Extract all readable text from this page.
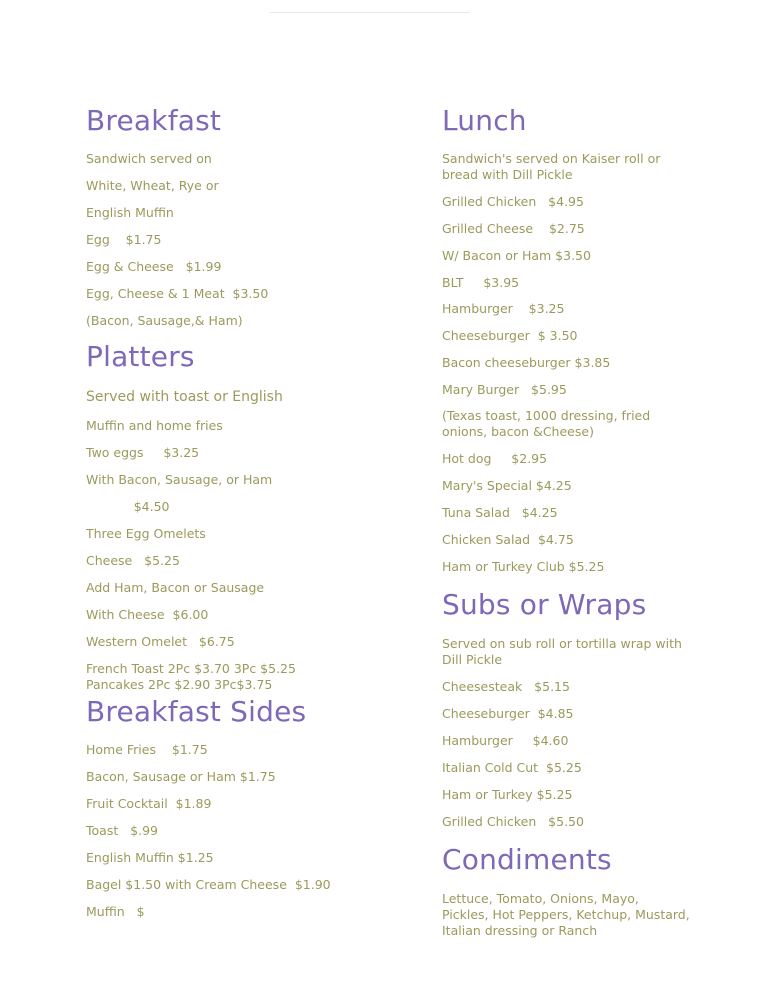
Breakfast

Sandwich served on

White, Wheat, Rye or

English Muffin

Egg    $1.75

Egg & Cheese   $1.99

Egg, Cheese & 1 Meat  $3.50

(Bacon, Sausage,& Ham)

Platters

Served with toast or English

Muffin and home fries

Two eggs     $3.25

With Bacon, Sausage, or Ham

$4.50

Three Egg Omelets

Cheese   $5.25

Add Ham, Bacon or Sausage

With Cheese  $6.00

Western Omelet   $6.75

French Toast 2Pc $3.70 3Pc $5.25

Pancakes 2Pc $2.90 3Pc$3.75

Breakfast Sides

Home Fries    $1.75

Bacon, Sausage or Ham $1.75

Fruit Cocktail  $1.89

Toast   $.99

English Muffin $1.25

Bagel $1.50 with Cream Cheese  $1.90

Muffin   $

Lunch

Sandwich's served on Kaiser roll or
bread with Dill Pickle

Grilled Chicken   $4.95

Grilled Cheese    $2.75

W/ Bacon or Ham $3.50

BLT     $3.95

Hamburger    $3.25

Cheeseburger  $ 3.50

Bacon cheeseburger $3.85

Mary Burger   $5.95

(Texas toast, 1000 dressing, fried
onions, bacon &Cheese)

Hot dog     $2.95

Mary's Special $4.25

Tuna Salad   $4.25

Chicken Salad  $4.75

Ham or Turkey Club $5.25

Subs or Wraps

Served on sub roll or tortilla wrap with
Dill Pickle

Cheesesteak   $5.15

Cheeseburger  $4.85

Hamburger     $4.60

Italian Cold Cut  $5.25

Ham or Turkey $5.25

Grilled Chicken   $5.50

Condiments

Lettuce, Tomato, Onions, Mayo,
Pickles, Hot Peppers, Ketchup, Mustard,
Italian dressing or Ranch
